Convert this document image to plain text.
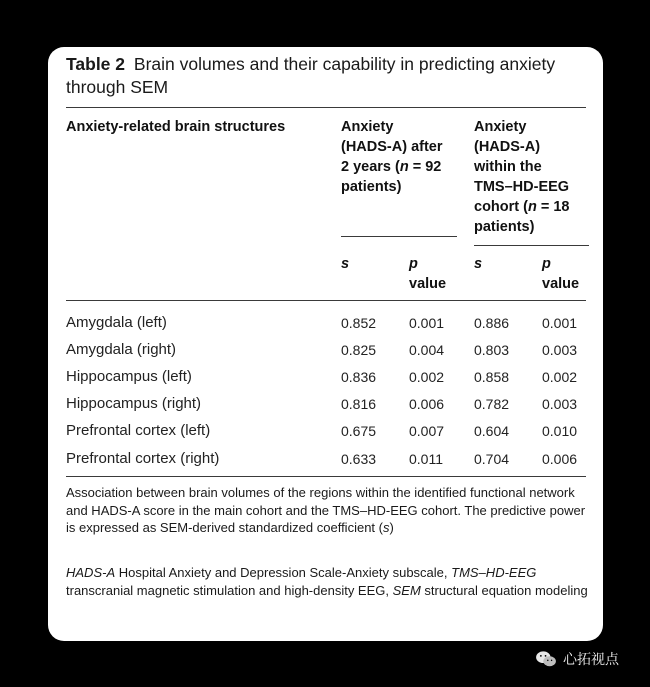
Table 2 Brain volumes and their capability in predicting anxiety through SEM
Anxiety-related brain structures	Anxiety
(HADS-A) after
2 years (n = 92
patients)
Anxiety
(HADS-A)
within the
TMS–HD-EEG
cohort (n = 18
patients)
s	p
value
s	p
value
Amygdala (left)	0.852 0.001 0.886 0.001
Amygdala (right)	0.825 0.004 0.803 0.003
Hippocampus (left)	0.836 0.002 0.858 0.002
Hippocampus (right)	0.816 0.006 0.782 0.003
Prefrontal cortex (left)	0.675 0.007 0.604 0.010
Prefrontal cortex (right)	0.633 0.011 0.704 0.006
Association between brain volumes of the regions within the identified functional network and HADS-A score in the main cohort and the TMS–HD-EEG cohort. The predictive power is expressed as SEM-derived standardized coefficient (s)
HADS-A Hospital Anxiety and Depression Scale-Anxiety subscale, TMS–HD-EEG transcranial magnetic stimulation and high-density EEG, SEM structural equation modeling
心拓视点
